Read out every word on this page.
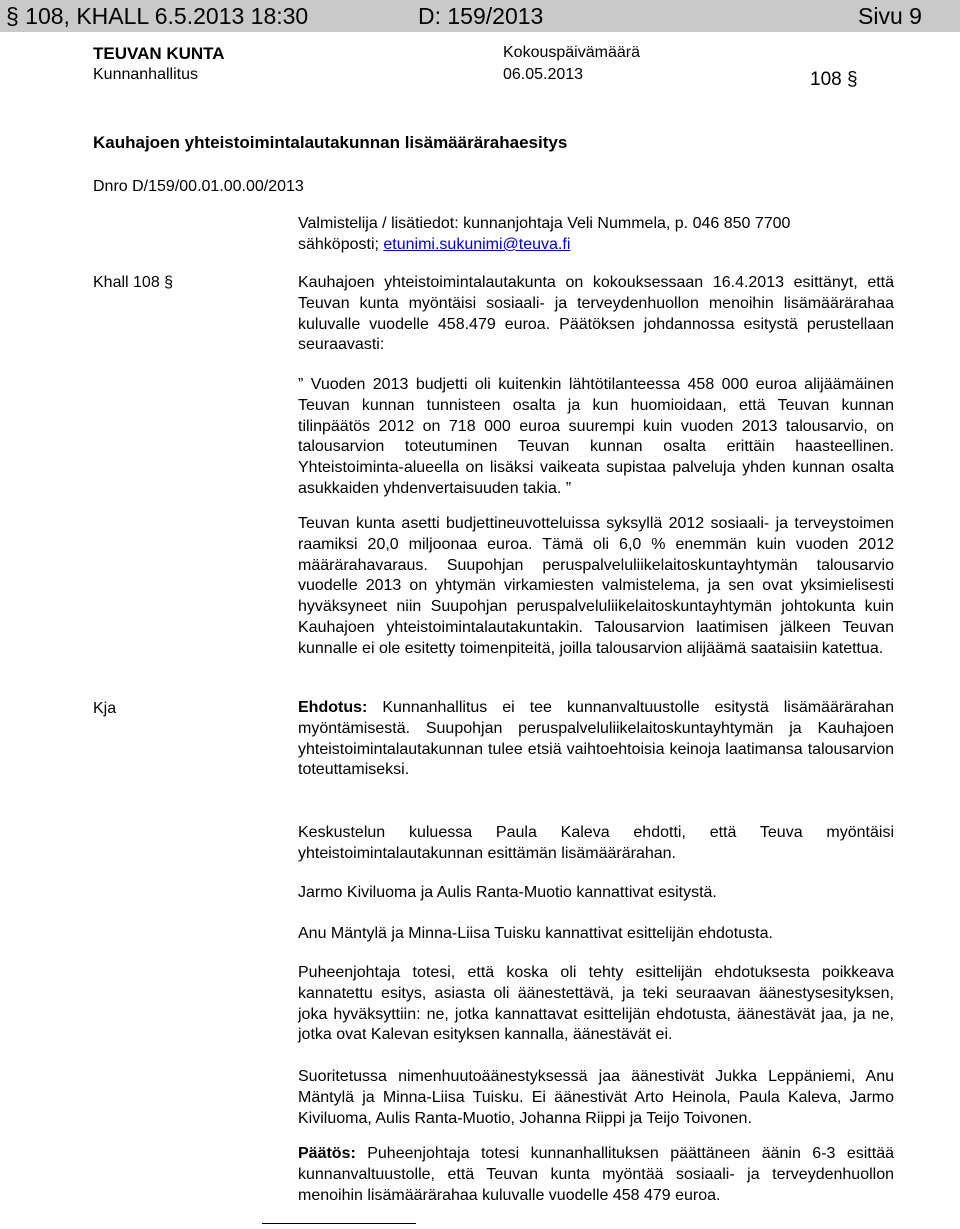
§ 108, KHALL 6.5.2013 18:30	D: 159/2013	Sivu 9
TEUVAN KUNTA
Kunnanhallitus
Kokouspäivämäärä
06.05.2013	108 §
Kauhajoen yhteistoimintalautakunnan lisämäärärahaesitys
Dnro D/159/00.01.00.00/2013
Valmistelija / lisätiedot: kunnanjohtaja Veli Nummela, p. 046 850 7700
sähköposti; etunimi.sukunimi@teuva.fi
Khall 108 §	Kauhajoen yhteistoimintalautakunta on kokouksessaan 16.4.2013 esittänyt, että Teuvan kunta myöntäisi sosiaali- ja terveydenhuollon menoihin lisämäärärahaa kuluvalle vuodelle 458.479 euroa. Päätöksen johdannossa esitystä perustellaan seuraavasti:

” Vuoden 2013 budjetti oli kuitenkin lähtötilanteessa 458 000 euroa alijäämäinen Teuvan kunnan tunnisteen osalta ja kun huomioidaan, että Teuvan kunnan tilinpäätös 2012 on 718 000 euroa suurempi kuin vuoden 2013 talousarvio, on talousarvion toteutuminen Teuvan kunnan osalta erittäin haasteellinen. Yhteistoiminta-alueella on lisäksi vaikeata supistaa palveluja yhden kunnan osalta asukkaiden yhdenvertaisuuden takia. ”

Teuvan kunta asetti budjettineuvotteluissa syksyllä 2012 sosiaali- ja terveystoimen raamiksi 20,0 miljoonaa euroa. Tämä oli 6,0 % enemmän kuin vuoden 2012 määrärahavaraus. Suupohjan peruspalveluliikelaitoskuntayhtymän talousarvio vuodelle 2013 on yhtymän virkamiesten valmistelema, ja sen ovat yksimielisesti hyväksyneet niin Suupohjan peruspalveluliikelaitoskuntayhtymän johtokunta kuin Kauhajoen yhteistoimintalautakuntakin. Talousarvion laatimisen jälkeen Teuvan kunnalle ei ole esitetty toimenpiteitä, joilla talousarvion alijäämä saataisiin katettua.

Kja	Ehdotus: Kunnanhallitus ei tee kunnanvaltuustolle esitystä lisämäärärahan myöntämisestä. Suupohjan peruspalveluliikelaitoskuntayhtymän ja Kauhajoen yhteistoimintalautakunnan tulee etsiä vaihtoehtoisia keinoja laatimansa talousarvion toteuttamiseksi.

Keskustelun kuluessa Paula Kaleva ehdotti, että Teuva myöntäisi yhteistoimintalautakunnan esittämän lisämäärärahan.

Jarmo Kiviluoma ja Aulis Ranta-Muotio kannattivat esitystä.

Anu Mäntylä ja Minna-Liisa Tuisku kannattivat esittelijän ehdotusta.

Puheenjohtaja totesi, että koska oli tehty esittelijän ehdotuksesta poikkeava kannatettu esitys, asiasta oli äänestettävä, ja teki seuraavan äänestysesityksen, joka hyväksyttiin: ne, jotka kannattavat esittelijän ehdotusta, äänestävät jaa, ja ne, jotka ovat Kalevan esityksen kannalla, äänestävät ei.

Suoritetussa nimenhuutoäänestyksessä jaa äänestivät Jukka Leppäniemi, Anu Mäntylä ja Minna-Liisa Tuisku. Ei äänestivät Arto Heinola, Paula Kaleva, Jarmo Kiviluoma, Aulis Ranta-Muotio, Johanna Riippi ja Teijo Toivonen.

Päätös: Puheenjohtaja totesi kunnanhallituksen päättäneen äänin 6-3 esittää kunnanvaltuustolle, että Teuvan kunta myöntää sosiaali- ja terveydenhuollon menoihin lisämäärärahaa kuluvalle vuodelle 458 479 euroa.
